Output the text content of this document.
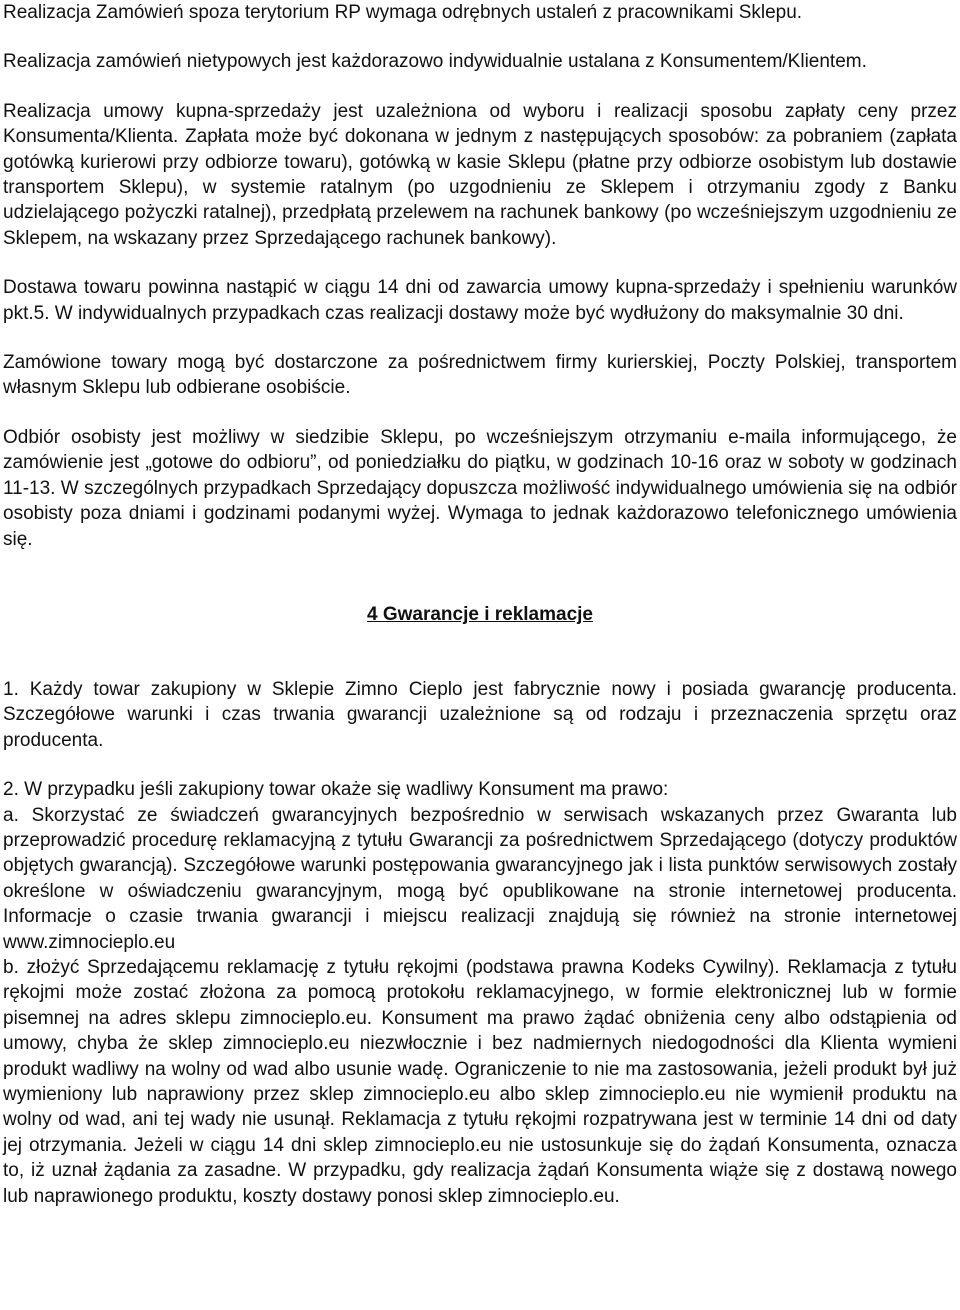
Realizacja Zamówień spoza terytorium RP wymaga odrębnych ustaleń z pracownikami Sklepu.

Realizacja zamówień nietypowych jest każdorazowo indywidualnie ustalana z Konsumentem/Klientem.

Realizacja umowy kupna-sprzedaży jest uzależniona od wyboru i realizacji sposobu zapłaty ceny przez Konsumenta/Klienta. Zapłata może być dokonana w jednym z następujących sposobów: za pobraniem (zapłata gotówką kurierowi przy odbiorze towaru), gotówką w kasie Sklepu (płatne przy odbiorze osobistym lub dostawie transportem Sklepu), w systemie ratalnym (po uzgodnieniu ze Sklepem i otrzymaniu zgody z Banku udzielającego pożyczki ratalnej), przedpłatą przelewem na rachunek bankowy (po wcześniejszym uzgodnieniu ze Sklepem, na wskazany przez Sprzedającego rachunek bankowy).

Dostawa towaru powinna nastąpić w ciągu 14 dni od zawarcia umowy kupna-sprzedaży i spełnieniu warunków pkt.5. W indywidualnych przypadkach czas realizacji dostawy może być wydłużony do maksymalnie 30 dni.

Zamówione towary mogą być dostarczone za pośrednictwem firmy kurierskiej, Poczty Polskiej, transportem własnym Sklepu lub odbierane osobiście.

Odbiór osobisty jest możliwy w siedzibie Sklepu, po wcześniejszym otrzymaniu e-maila informującego, że zamówienie jest „gotowe do odbioru”, od poniedziałku do piątku, w godzinach 10-16 oraz w soboty w godzinach 11-13. W szczególnych przypadkach Sprzedający dopuszcza możliwość indywidualnego umówienia się na odbiór osobisty poza dniami i godzinami podanymi wyżej. Wymaga to jednak każdorazowo telefonicznego umówienia się.

4 Gwarancje i reklamacje

1. Każdy towar zakupiony w Sklepie Zimno Cieplo jest fabrycznie nowy i posiada gwarancję producenta. Szczegółowe warunki i czas trwania gwarancji uzależnione są od rodzaju i przeznaczenia sprzętu oraz producenta.

2. W przypadku jeśli zakupiony towar okaże się wadliwy Konsument ma prawo:

a. Skorzystać ze świadczeń gwarancyjnych bezpośrednio w serwisach wskazanych przez Gwaranta lub przeprowadzić procedurę reklamacyjną z tytułu Gwarancji za pośrednictwem Sprzedającego (dotyczy produktów objętych gwarancją). Szczegółowe warunki postępowania gwarancyjnego jak i lista punktów serwisowych zostały określone w oświadczeniu gwarancyjnym, mogą być opublikowane na stronie internetowej producenta. Informacje o czasie trwania gwarancji i miejscu realizacji znajdują się również na stronie internetowej www.zimnocieplo.eu

b. złożyć Sprzedającemu reklamację z tytułu rękojmi (podstawa prawna Kodeks Cywilny). Reklamacja z tytułu rękojmi może zostać złożona za pomocą protokołu reklamacyjnego, w formie elektronicznej lub w formie pisemnej na adres sklepu zimnocieplo.eu. Konsument ma prawo żądać obniżenia ceny albo odstąpienia od umowy, chyba że sklep zimnocieplo.eu niezwłocznie i bez nadmiernych niedogodności dla Klienta wymieni produkt wadliwy na wolny od wad albo usunie wadę. Ograniczenie to nie ma zastosowania, jeżeli produkt był już wymieniony lub naprawiony przez sklep zimnocieplo.eu albo sklep zimnocieplo.eu nie wymienił produktu na wolny od wad, ani tej wady nie usunął. Reklamacja z tytułu rękojmi rozpatrywana jest w terminie 14 dni od daty jej otrzymania. Jeżeli w ciągu 14 dni sklep zimnocieplo.eu nie ustosunkuje się do żądań Konsumenta, oznacza to, iż uznał żądania za zasadne. W przypadku, gdy realizacja żądań Konsumenta wiąże się z dostawą nowego lub naprawionego produktu, koszty dostawy ponosi sklep zimnocieplo.eu.
